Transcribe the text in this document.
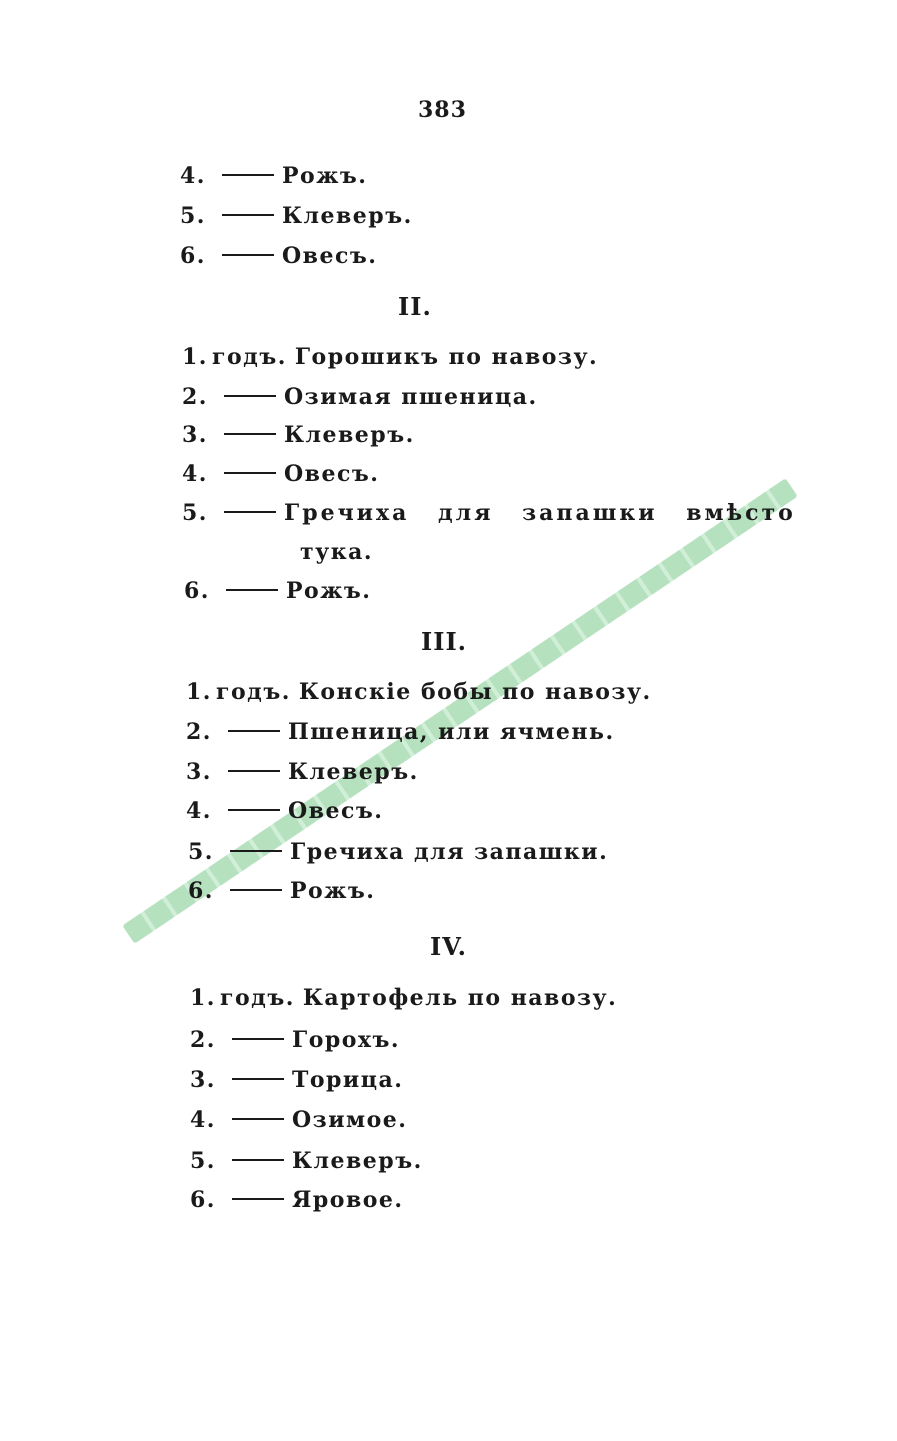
383
4.	Рожъ.
5.	Клеверъ.
6.	Овесъ.
II.
1. годъ. Горошикъ по навозу.
2.	Озимая пшеница.
3.	Клеверъ.
4.	Овесъ.
5.	Гречиха для запашки вмѣсто
тука.
6.	Рожъ.
III.
1. годъ. Конскіе бобы по навозу.
2.	Пшеница, или ячмень.
3.	Клеверъ.
4.	Овесъ.
5.	Гречиха для запашки.
6.	Рожъ.
IV.
1. годъ. Картофель по навозу.
2.	Горохъ.
3.	Торица.
4.	Озимое.
5.	Клеверъ.
6.	Яровое.
